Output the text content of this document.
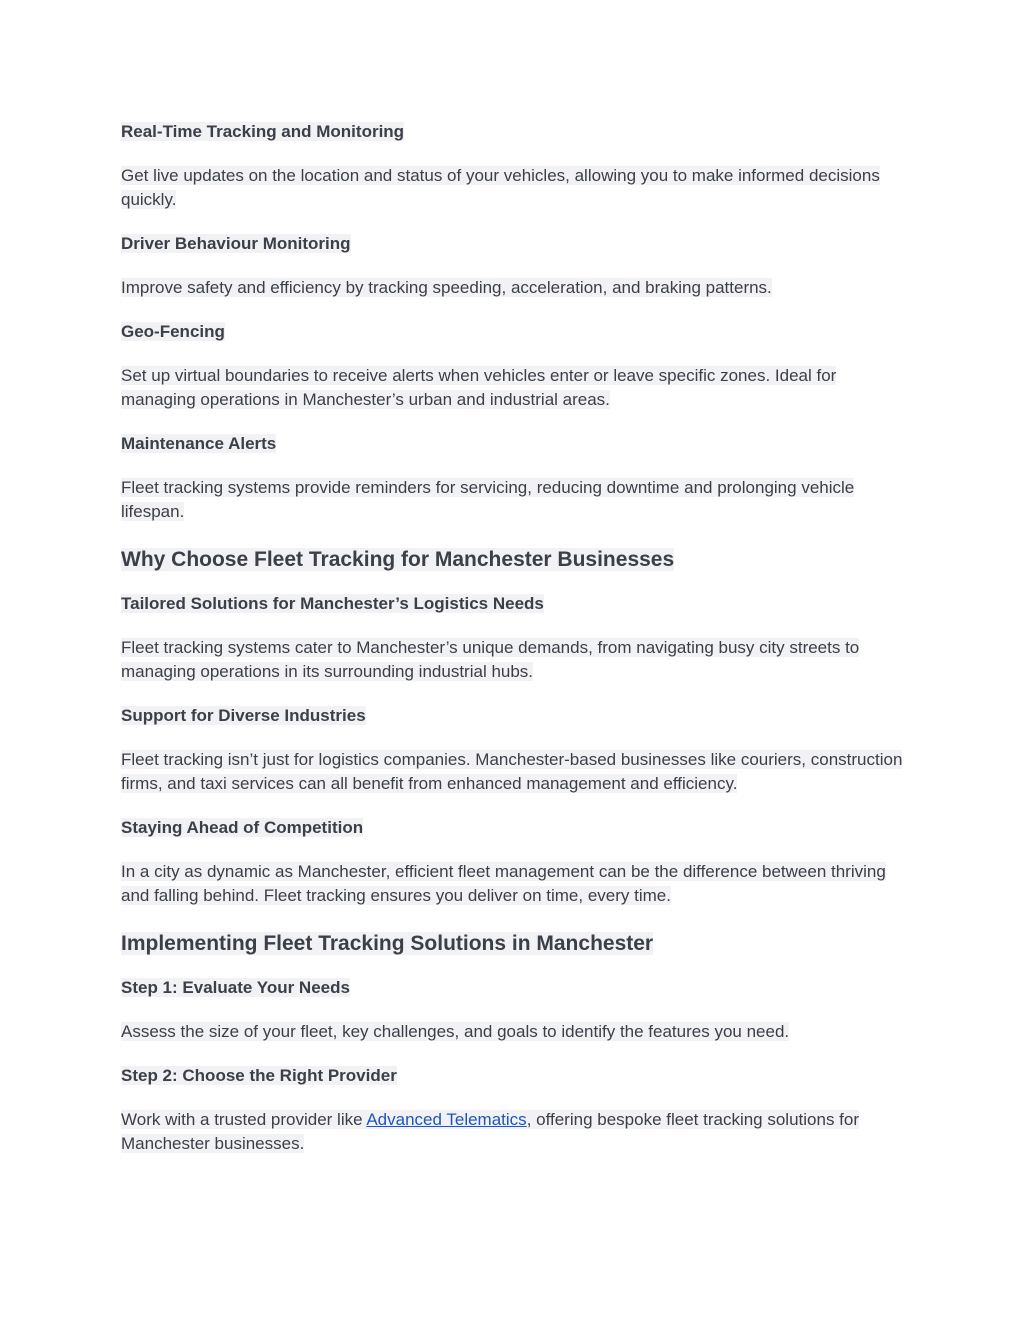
Real-Time Tracking and Monitoring

Get live updates on the location and status of your vehicles, allowing you to make informed decisions quickly.

Driver Behaviour Monitoring

Improve safety and efficiency by tracking speeding, acceleration, and braking patterns.

Geo-Fencing

Set up virtual boundaries to receive alerts when vehicles enter or leave specific zones. Ideal for managing operations in Manchester’s urban and industrial areas.

Maintenance Alerts

Fleet tracking systems provide reminders for servicing, reducing downtime and prolonging vehicle lifespan.

Why Choose Fleet Tracking for Manchester Businesses

Tailored Solutions for Manchester’s Logistics Needs

Fleet tracking systems cater to Manchester’s unique demands, from navigating busy city streets to managing operations in its surrounding industrial hubs.

Support for Diverse Industries

Fleet tracking isn’t just for logistics companies. Manchester-based businesses like couriers, construction firms, and taxi services can all benefit from enhanced management and efficiency.

Staying Ahead of Competition

In a city as dynamic as Manchester, efficient fleet management can be the difference between thriving and falling behind. Fleet tracking ensures you deliver on time, every time.

Implementing Fleet Tracking Solutions in Manchester

Step 1: Evaluate Your Needs

Assess the size of your fleet, key challenges, and goals to identify the features you need.

Step 2: Choose the Right Provider

Work with a trusted provider like Advanced Telematics, offering bespoke fleet tracking solutions for Manchester businesses.
